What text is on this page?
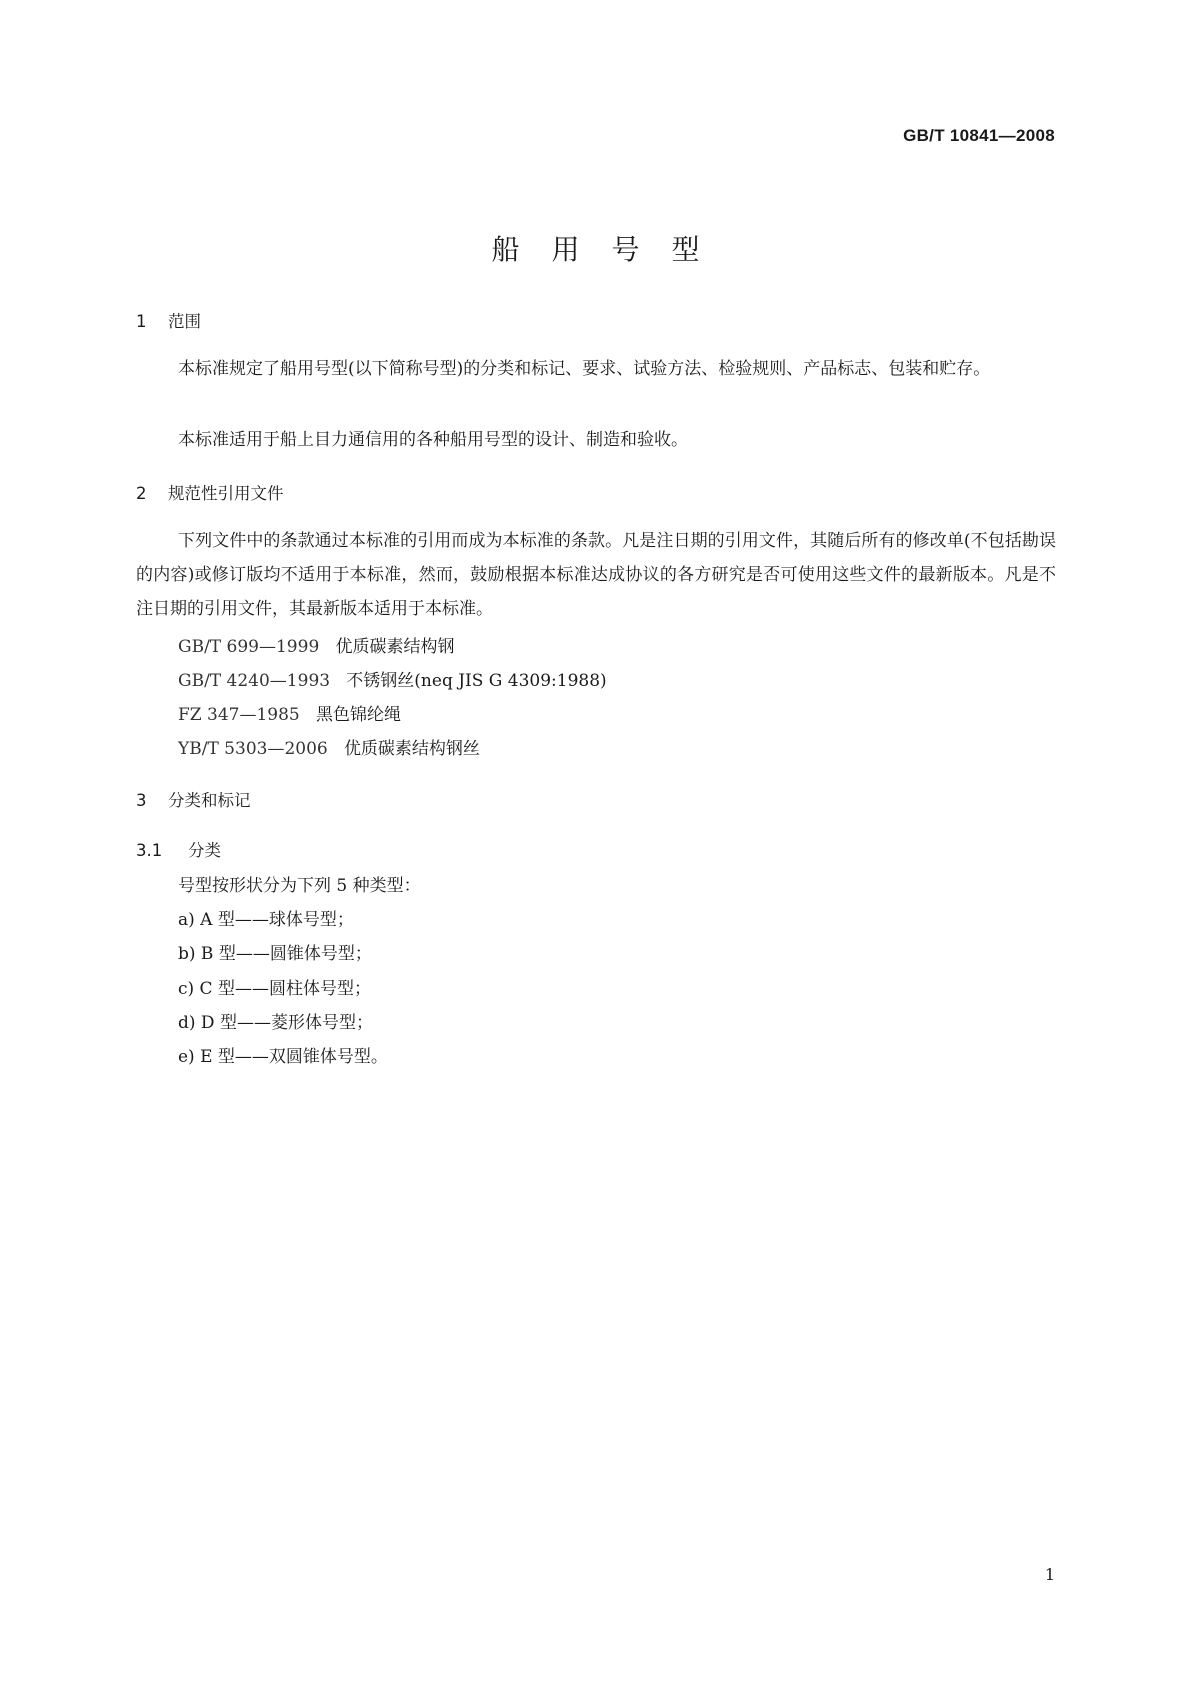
GB/T 10841—2008
船用号型
1 范围
本标准规定了船用号型(以下简称号型)的分类和标记、要求、试验方法、检验规则、产品标志、包装和贮存。
本标准适用于船上目力通信用的各种船用号型的设计、制造和验收。
2 规范性引用文件
下列文件中的条款通过本标准的引用而成为本标准的条款。凡是注日期的引用文件，其随后所有的修改单(不包括勘误的内容)或修订版均不适用于本标准，然而，鼓励根据本标准达成协议的各方研究是否可使用这些文件的最新版本。凡是不注日期的引用文件，其最新版本适用于本标准。
GB/T 699—1999 优质碳素结构钢
GB/T 4240—1993 不锈钢丝(neq JIS G 4309:1988)
FZ 347—1985 黑色锦纶绳
YB/T 5303—2006 优质碳素结构钢丝
3 分类和标记
3.1 分类
号型按形状分为下列 5 种类型：
a) A 型——球体号型；
b) B 型——圆锥体号型；
c) C 型——圆柱体号型；
d) D 型——菱形体号型；
e) E 型——双圆锥体号型。
1
